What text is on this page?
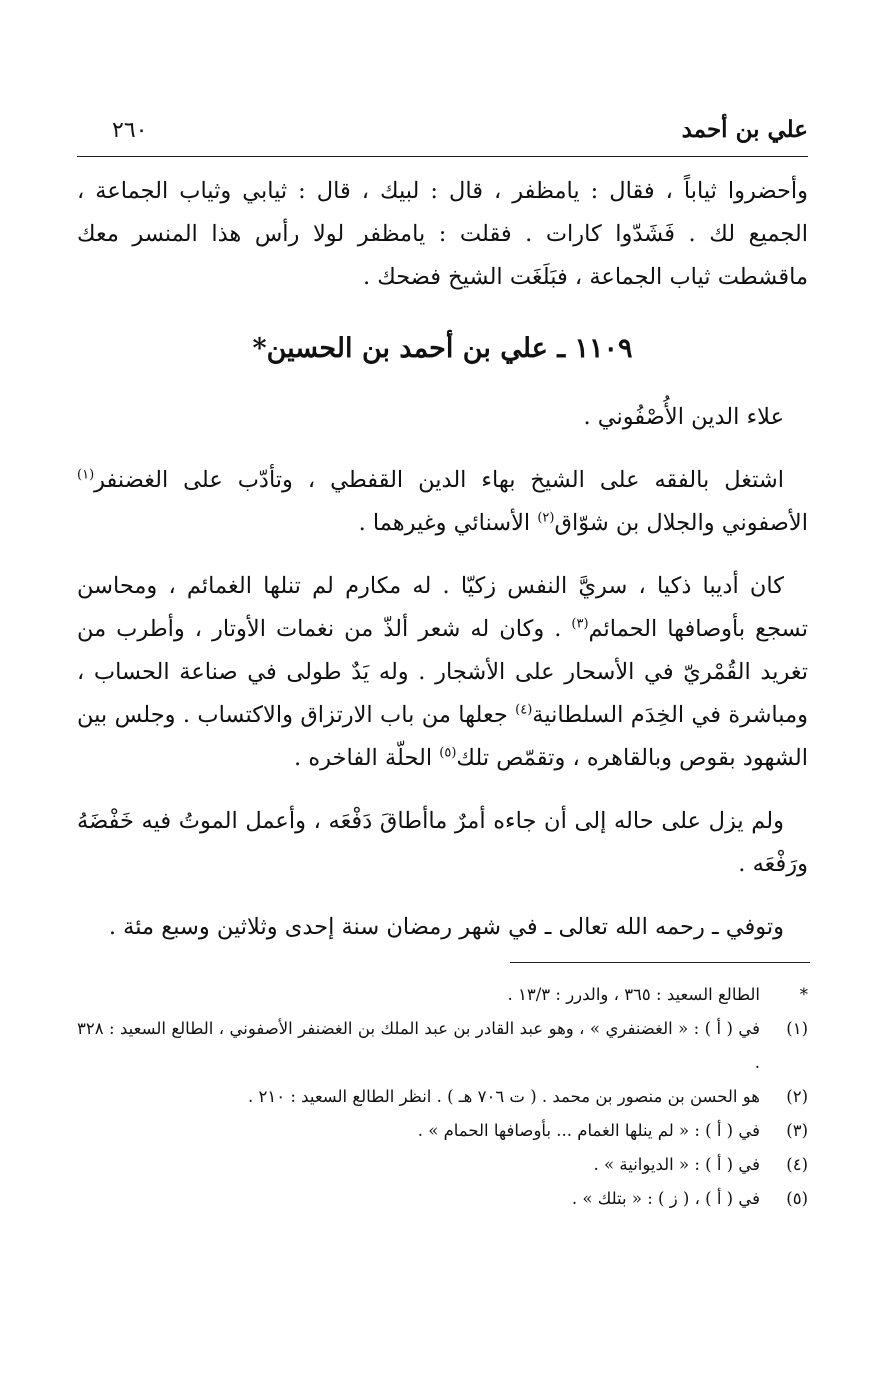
علي بن أحمد
٢٦٠

وأحضروا ثياباً ، فقال : يامظفر ، قال : لبيك ، قال : ثيابي وثياب الجماعة ، الجميع لك . فَشَدّوا كارات . فقلت : يامظفر لولا رأس هذا المنسر معك ماقشطت ثياب الجماعة ، فبَلَغَت الشيخ فضحك .

١١٠٩ ـ علي بن أحمد بن الحسين*

علاء الدين الأُصْفُوني .

اشتغل بالفقه على الشيخ بهاء الدين القفطي ، وتأدّب على الغضنفر$^{(١)}$ الأصفوني والجلال بن شوّاق$^{(٢)}$ الأسنائي وغيرهما .

كان أديبا ذكيا ، سريَّ النفس زكيّا . له مكارم لم تنلها الغمائم ، ومحاسن تسجع بأوصافها الحمائم$^{(٣)}$ . وكان له شعر ألذّ من نغمات الأوتار ، وأطرب من تغريد القُمْريّ في الأسحار على الأشجار . وله يَدٌ طولى في صناعة الحساب ، ومباشرة في الخِدَم السلطانية$^{(٤)}$ جعلها من باب الارتزاق والاكتساب . وجلس بين الشهود بقوص وبالقاهره ، وتقمّص تلك$^{(٥)}$ الحلّة الفاخره .

ولم يزل على حاله إلى أن جاءه أمرٌ ماأطاقَ دَفْعَه ، وأعمل الموتُ فيه خَفْضَهُ ورَفْعَه .

وتوفي ـ رحمه الله تعالى ـ في شهر رمضان سنة إحدى وثلاثين وسبع مئة .

*
الطالع السعيد : ٣٦٥ ، والدرر : ١٣/٣ .
(١)
في ( أ ) : « الغضنفري » ، وهو عبد القادر بن عبد الملك بن الغضنفر الأصفوني ، الطالع السعيد : ٣٢٨ .
(٢)
هو الحسن بن منصور بن محمد . ( ت ٧٠٦ هـ ) . انظر الطالع السعيد : ٢١٠ .
(٣)
في ( أ ) : « لم ينلها الغمام ... بأوصافها الحمام » .
(٤)
في ( أ ) : « الديوانية » .
(٥)
في ( أ ) ، ( ز ) : « بتلك » .
